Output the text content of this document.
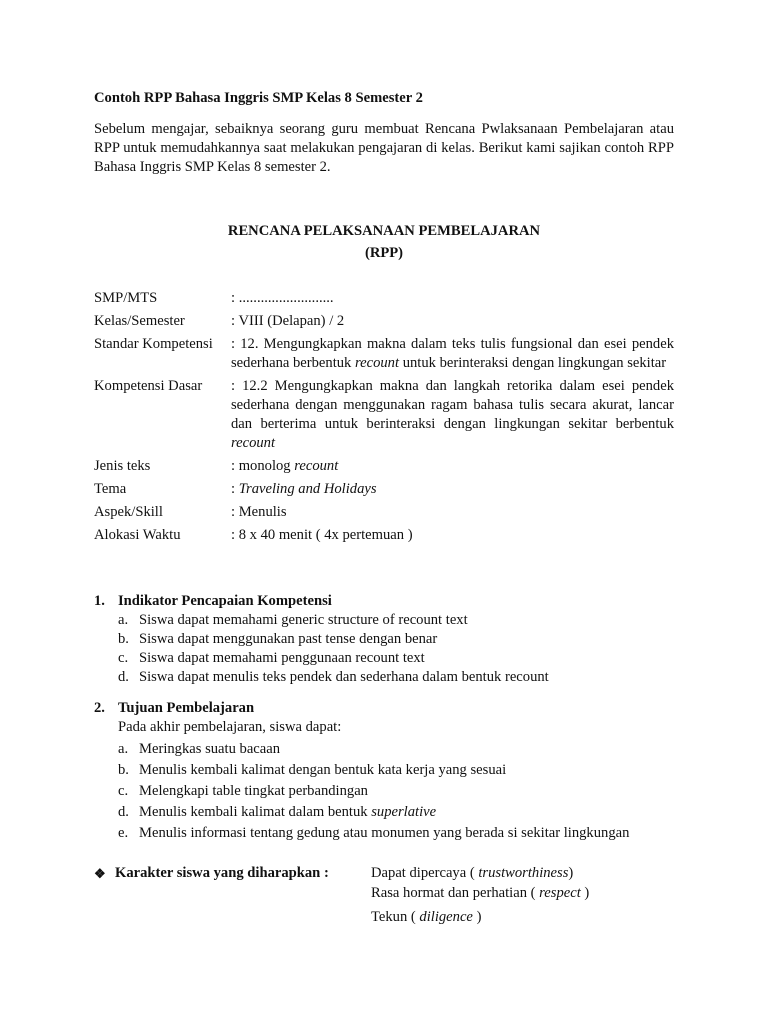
Contoh RPP Bahasa Inggris SMP Kelas 8 Semester 2
Sebelum mengajar, sebaiknya seorang guru membuat Rencana Pwlaksanaan Pembelajaran atau RPP untuk memudahkannya saat melakukan pengajaran di kelas. Berikut kami sajikan contoh RPP Bahasa Inggris SMP Kelas 8 semester 2.
RENCANA PELAKSANAAN PEMBELAJARAN
(RPP)
SMP/MTS	: ..........................
Kelas/Semester	: VIII (Delapan) / 2
Standar Kompetensi	: 12. Mengungkapkan makna dalam teks tulis fungsional dan esei pendek sederhana berbentuk recount untuk berinteraksi dengan lingkungan sekitar
Kompetensi Dasar	: 12.2 Mengungkapkan makna dan langkah retorika dalam esei pendek sederhana dengan menggunakan ragam bahasa tulis secara akurat, lancar dan berterima untuk berinteraksi dengan lingkungan sekitar berbentuk recount
Jenis teks	: monolog recount
Tema	: Traveling and Holidays
Aspek/Skill	: Menulis
Alokasi Waktu	: 8 x 40 menit ( 4x pertemuan )
1. Indikator Pencapaian Kompetensi
a. Siswa dapat memahami generic structure of recount text
b. Siswa dapat menggunakan past tense dengan benar
c. Siswa dapat memahami penggunaan recount text
d. Siswa dapat menulis teks pendek dan sederhana dalam bentuk recount
2. Tujuan Pembelajaran
Pada akhir pembelajaran, siswa dapat:
a. Meringkas suatu bacaan
b. Menulis kembali kalimat dengan bentuk kata kerja yang sesuai
c. Melengkapi table tingkat perbandingan
d. Menulis kembali kalimat dalam bentuk superlative
e. Menulis informasi tentang gedung atau monumen yang berada si sekitar lingkungan
❖ Karakter siswa yang diharapkan :	Dapat dipercaya ( trustworthiness)
Rasa hormat dan perhatian ( respect )
Tekun ( diligence )
